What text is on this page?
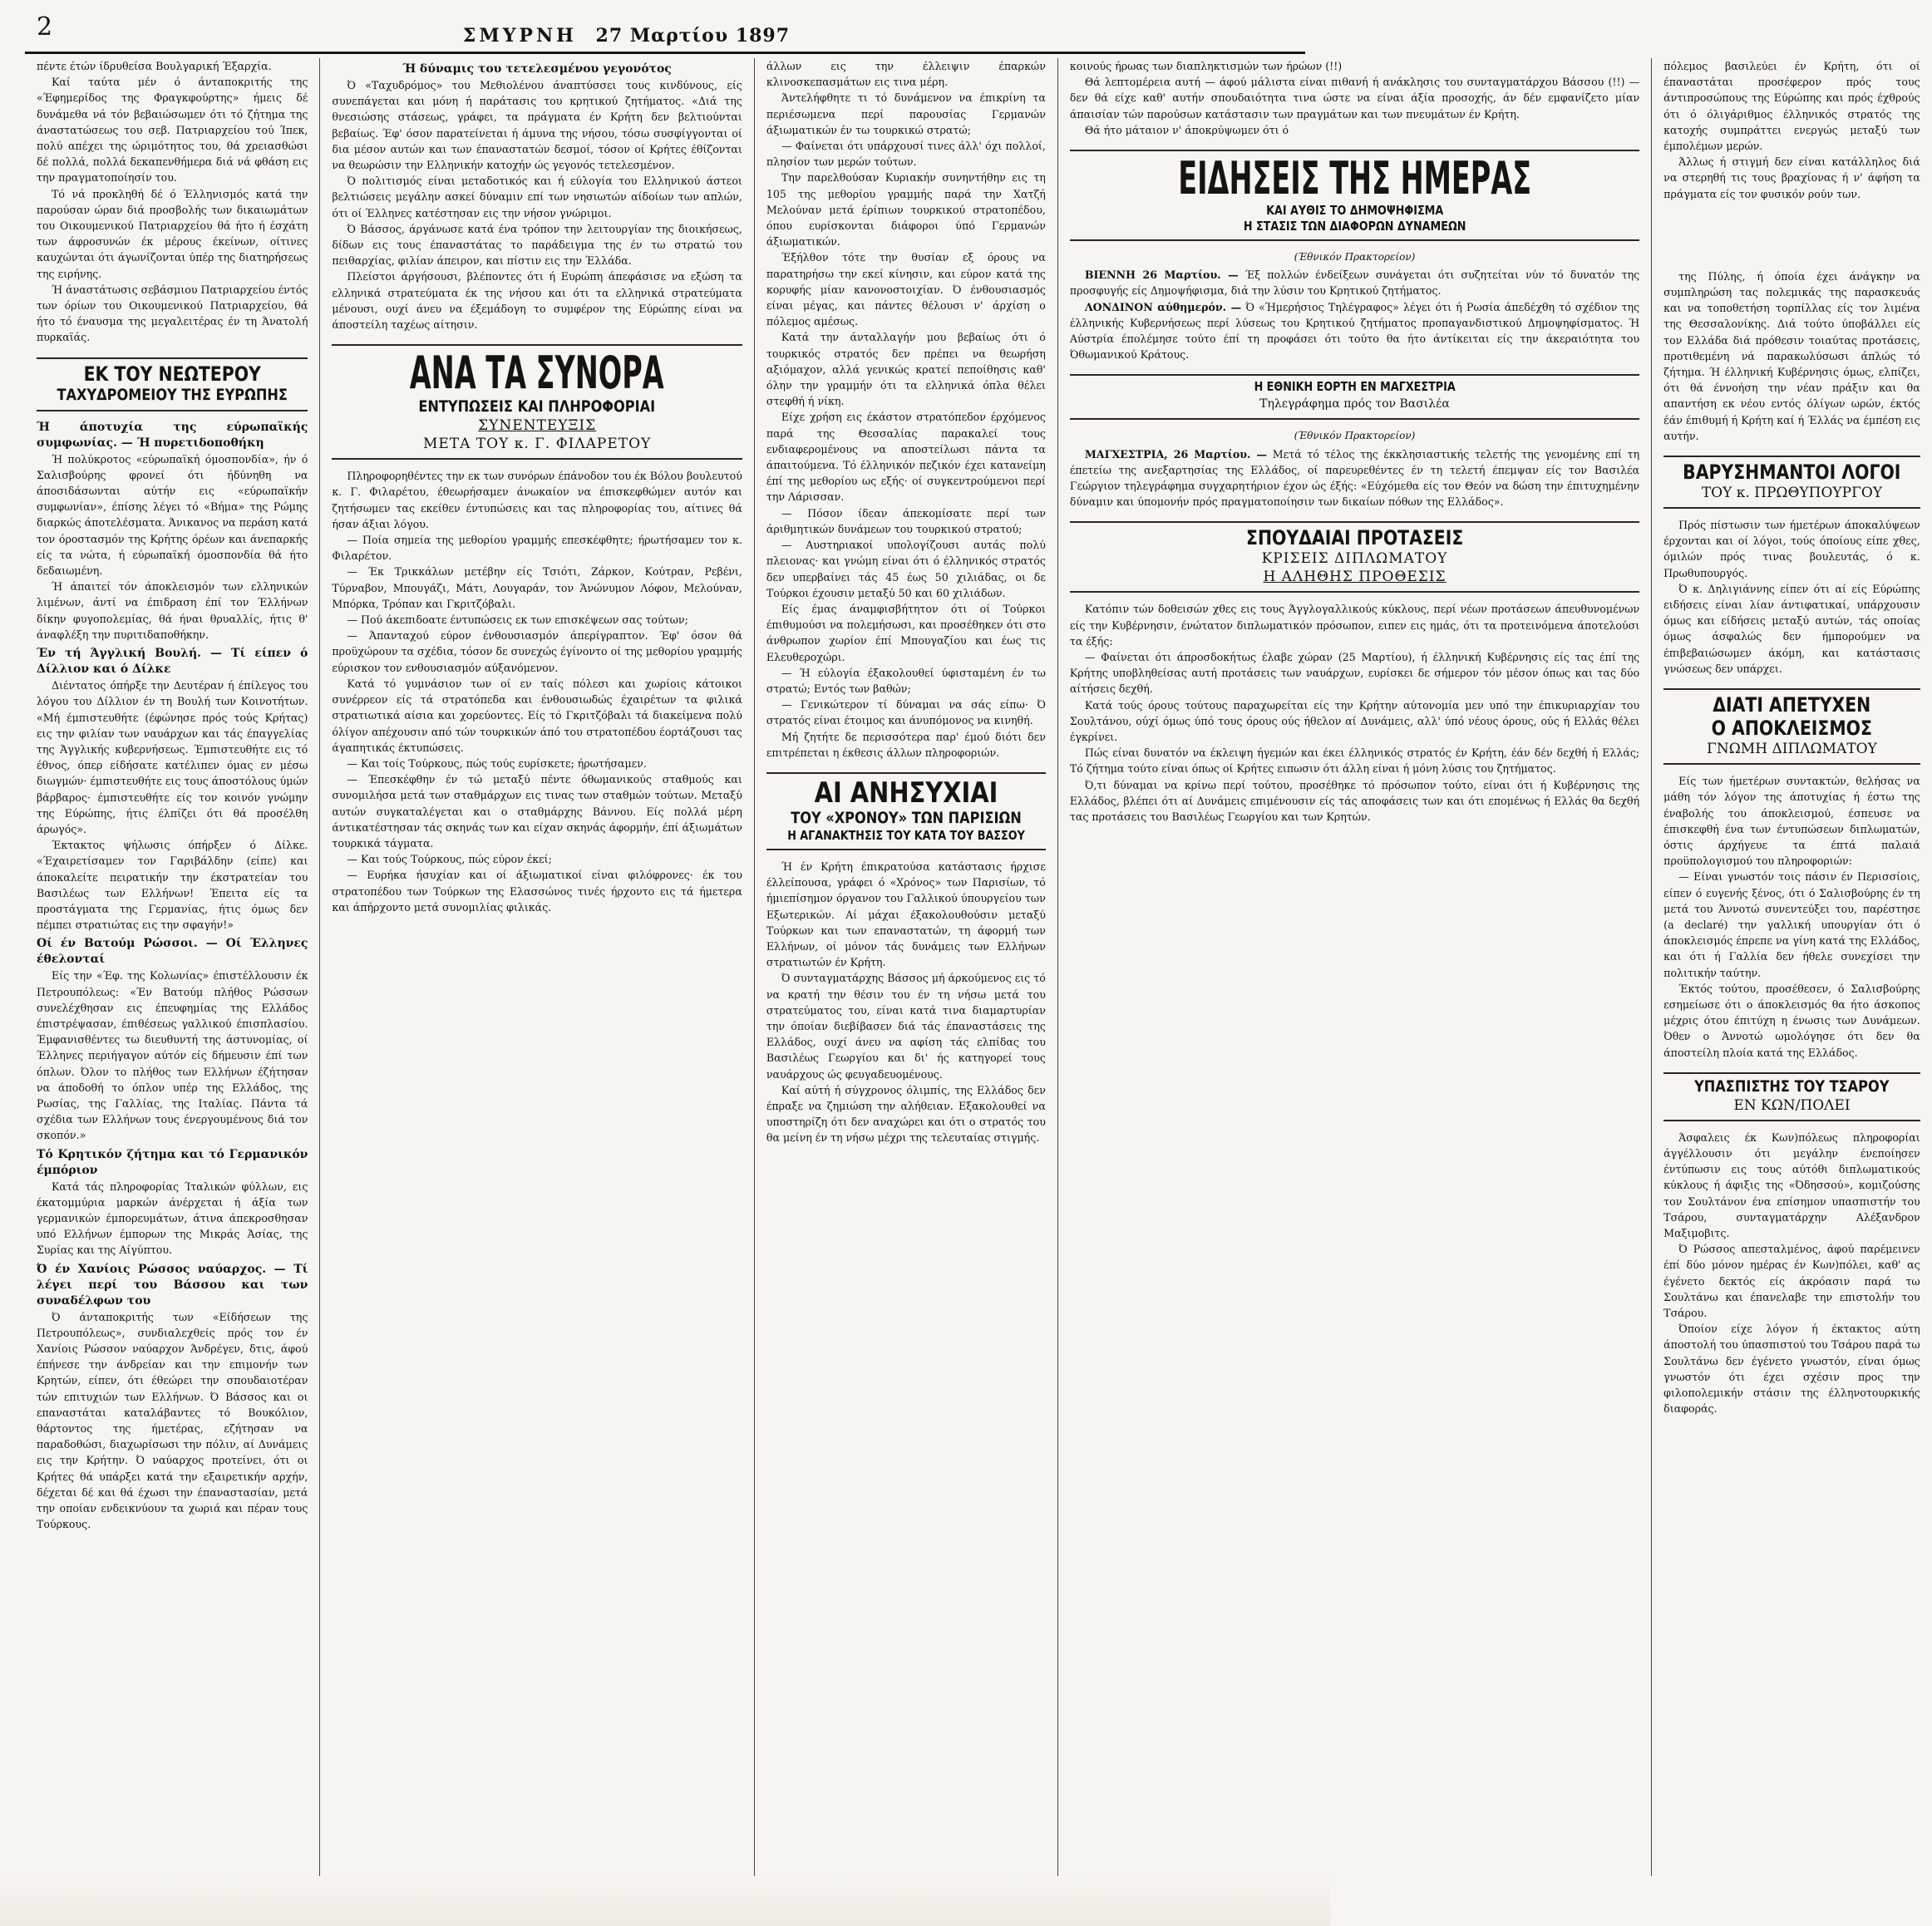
2	ΣΜΥΡΝΗ 27 Μαρτίου 1897

πέντε έτών ίδρυθείσα Βουλγαρική Έξαρχία.

Καί ταύτα μέν ό άνταποκριτής της «Έφημερίδος της Φραγκφούρτης» ήμεις δέ δυνάμεθα νά τόν βεβαιώσωμεν ότι τό ζήτημα της άναστατώσεως του σεβ. Πατριαρχείου τού Ίπεκ, πολύ απέχει της ώριμότητος του, θά χρειασθώσι δέ πολλά, πολλά δεκαπενθήμερα διά νά φθάση εις την πραγματοποίησίν του.

Τό νά προκληθή δέ ό Έλληνισμός κατά την παρούσαν ώραν διά προσβολής των δικαιωμάτων του Οικουμενικού Πατριαρχείου θά ήτο ή έσχάτη των άφροσυνών έκ μέρους έκείνων, οίτινες καυχώνται ότι άγωνίζονται ύπέρ της διατηρήσεως της ειρήνης.

Ή άναστάτωσις σεβάσμιου Πατριαρχείου έντός των όρίων του Οικουμενικού Πατριαρχείου, θά ήτο τό έναυσμα της μεγαλειτέρας έν τη Άνατολή πυρκαϊάς.

ΕΚ ΤΟΥ ΝΕΩΤΕΡΟΥ
ΤΑΧΥΔΡΟΜΕΙΟΥ ΤΗΣ ΕΥΡΩΠΗΣ

Ή άποτυχία της εύρωπαϊκής συμφωνίας. — Ή πυρετιδοποθήκη

Ή πολύκροτος «εύρωπαϊκή όμοσπονδία», ήν ό Σαλισβούρης φρονεί ότι ήδύνηθη να άποσιδάσωνται αύτήν εις «εύρωπαϊκήν συμφωνίαν», έπίσης λέγει τό «Βήμα» της Ρώμης διαρκώς άποτελέσματα. Άνικανος να περάση κατά τον όροστασμόν της Κρήτης όρέων και άνεπαρκής είς τα νώτα, ή εύρωπαϊκή όμοσπονδία θά ήτο δεδαιωμένη.

Ή άπαιτεί τόν άποκλεισμόν των ελληνικών λιμένων, άντί να έπιδραση έπί τον Έλλήνων δίκην φυγοπολεμίας, θά ήναι θρυαλλίς, ήτις θ' άναφλέξη την πυριτιδαποθήκην.

Έν τή Άγγλική Βουλή. — Τί είπεν ό Δίλλιον και ό Δίλκε

Διέντατος όπήρξε την Δευτέραν ή έπίλεγος του λόγου του Δίλλιον έν τη Βουλή των Κοινοτήτων. «Μή έμπιστευθήτε (έφώνησε πρός τούς Κρήτας) εις την φιλίαν των ναυάρχων και τάς έπαγγελίας της Άγγλικής κυβερνήσεως. Έμπιστευθήτε εις τό έθνος, όπερ είδήσατε κατέλιπεν όμας εν μέσω διωγμών· έμπιστευθήτε εις τους άποστόλους ύμών βάρβαρος· έμπιστευθήτε είς τον κοινόν γνώμην της Εύρώπης, ήτις έλπίζει ότι θά προσέλθη άρωγός».

Έκτακτος ψήλωσις όπήρξεν ό Δίλκε. «Έχαιρετίσαμεν τον Γαριβάλδην (είπε) και άποκαλείτε πειρατικήν την έκστρατείαν του Βασιλέως των Ελλήνων! Έπειτα είς τα προστάγματα της Γερμανίας, ήτις όμως δεν πέμπει στρατιώτας εις την σφαγήν!»

Οί έν Βατούμ Ρώσσοι. — Οί Έλληνες έθελονταί

Είς την «Έφ. της Κολωνίας» έπιστέλλουσιν έκ Πετρουπόλεως: «Έν Βατούμ πλήθος Ρώσσων συνελέχθησαν εις έπευφημίας της Ελλάδος έπιστρέψασαν, έπιθέσεως γαλλικού έπισπλασίου. Έμφανισθέντες τω διευθυντή της άστυνομίας, οί Έλληνες περιήγαγον αύτόν είς δήμευσιν έπί των όπλων. Όλον το πλήθος των Ελλήνων έζήτησαν να άποδοθή το όπλον υπέρ της Ελλάδος, της Ρωσίας, της Γαλλίας, της Ιταλίας. Πάντα τά σχέδια των Ελλήνων τους ένεργουμένους διά τον σκοπόν.»

Τό Κρητικόν ζήτημα και τό Γερμανικόν έμπόριον

Κατά τάς πληροφορίας Ίταλικών φύλλων, εις έκατομμύρια μαρκών άνέρχεται ή άξία των γερμανικών έμπορευμάτων, άτινα άπεκροσθησαν υπό Ελλήνων έμπορων της Μικράς Άσίας, της Συρίας και της Αίγύπτου.

Ό έν Χανίοις Ρώσσος ναύαρχος. — Τί λέγει περί του Βάσσου και των συναδέλφων του

Ό άνταποκριτής των «Είδήσεων της Πετρουπόλεως», συνδιαλεχθείς πρός τον έν Χανίοις Ρώσσον ναύαρχον Άνδρέγεν, δτις, άφού έπήνεσε την άνδρείαν και την επιμονήν των Κρητών, είπεν, ότι έθεώρει την σπουδαιοτέραν τών επιτυχιών των Ελλήνων. Ό Βάσσος και οι επαναστάται καταλάβαντες τό Βουκόλιον, θάρτοντος της ήμετέρας, εζήτησαν να παραδοθώσι, διαχωρίσωσι την πόλιν, αί Δυνάμεις εις την Κρήτην. Ό ναύαρχος προτείνει, ότι οι Κρήτες θά υπάρξει κατά την εξαιρετικήν αρχήν, δέχεται δέ και θά έχωσι την έπαναστασίαν, μετά την οποίαν ενδεικνύουν τα χωριά και πέραν τους Τούρκους.

Ή δύναμις του τετελεσμένου γεγονότος

Ό «Ταχυδρόμος» του Μεθιολένου άναπτύσσει τους κινδύνους, είς συνεπάγεται και μόνη ή παράτασις του κρητικού ζητήματος. «Διά της θνεσιώσης στάσεως, γράφει, τα πράγματα έν Κρήτη δεν βελτιούνται βεβαίως. Έφ' όσον παρατείνεται ή άμυνα της νήσου, τόσω συσφίγγονται οί δια μέσον αυτών και των έπαναστατών δεσμοί, τόσον οί Κρήτες έθίζονται να θεωρώσιν την Ελληνικήν κατοχήν ώς γεγονός τετελεσμένον.

Ό πολιτισμός είναι μεταδοτικός και ή εύλογία του Ελληνικού άστεοι βελτιώσεις μεγάλην ασκεί δύναμιν επί των νησιωτών αίδοίων των απλών, ότι οί Έλληνες κατέστησαν εις την νήσον γνώριμοι.

Ό Βάσσος, άργάνωσε κατά ένα τρόπον την λειτουργίαν της διοικήσεως, δίδων εις τους έπαναστάτας το παράδειγμα της έν τω στρατώ του πειθαρχίας, φιλίαν άπειρον, και πίστιν εις την Έλλάδα.

Πλείστοι άργήσουσι, βλέποντες ότι ή Ευρώπη άπεφάσισε να εξώση τα ελληνικά στρατεύματα έκ της νήσου και ότι τα ελληνικά στρατεύματα μένουσι, ουχί άνευ να έξεμάδογη το συμφέρον της Εύρώπης είναι να άποστείλη ταχέως αίτησιν.

ΑΝΑ ΤΑ ΣΥΝΟΡΑ
ΕΝΤΥΠΩΣΕΙΣ ΚΑΙ ΠΛΗΡΟΦΟΡΙΑΙ
ΣΥΝΕΝΤΕΥΞΙΣ
ΜΕΤΑ ΤΟΥ κ. Γ. ΦΙΛΑΡΕΤΟΥ

Πληροφορηθέντες την εκ των συνόρων έπάνοδον του έκ Βόλου βουλευτού κ. Γ. Φιλαρέτου, έθεωρήσαμεν άνωκαίον να έπισκεφθώμεν αυτόν και ζητήσωμεν τας εκείθεν έντυπώσεις και τας πληροφορίας του, αίτινες θά ήσαν άξιαι λόγου.

— Ποία σημεία της μεθορίου γραμμής επεσκέφθητε; ήρωτήσαμεν τον κ. Φιλαρέτον.

— Έκ Τρικκάλων μετέβην είς Τσιότι, Ζάρκον, Κούτραν, Ρεβένι, Τύρναβον, Μπουγάζι, Μάτι, Λουγαράν, τον Άνώνυμον Λόφον, Μελούναν, Μπόρκα, Τρόπαν και Γκριτζόβαλι.

— Πού άκεπιδοατε έντυπώσεις εκ των επισκέψεων σας τούτων;

— Άπανταχού εύρον ένθουσιασμόν άπερίγραπτον. Έφ' όσον θά προϋχώρουν τα σχέδια, τόσον δε συνεχώς έγίνοντο οί της μεθορίου γραμμής εύρισκον τον ενθουσιασμόν αύξανόμενον.

Κατά τό γυμνάσιον των οί εν ταίς πόλεσι και χωρίοις κάτοικοι συνέρρεον είς τά στρατόπεδα και ένθουσιωδώς έχαιρέτων τα φιλικά στρατιωτικά αίσια και χορεύοντες. Είς τό Γκριτζόβαλι τά διακείμενα πολύ όλίγον απέχουσιν από τών τουρκικών άπό του στρατοπέδου έορτάζουσι τας άγαπητικάς έκτυπώσεις.

— Και τοίς Τούρκους, πώς τούς ευρίσκετε; ήρωτήσαμεν.

— Έπεσκέφθην έν τώ μεταξύ πέντε όθωμανικούς σταθμούς και συνομιλήσα μετά των σταθμάρχων εις τινας των σταθμών τούτων. Μεταξύ αυτών συγκαταλέγεται και ο σταθμάρχης Βάννου. Είς πολλά μέρη άντικατέστησαν τάς σκηνάς των και είχαν σκηνάς άφορμήν, έπί άξιωμάτων τουρκικά τάγματα.

— Και τούς Τούρκους, πώς εύρον έκεί;

— Ευρήκα ήσυχίαν και οί άξιωματικοί είναι φιλόφρονες· έκ του στρατοπέδου των Τούρκων της Ελασσώνος τινές ήρχοντο εις τά ήμετερα και άπήρχοντο μετά συνομιλίας φιλικάς.

άλλων εις την έλλειψιν έπαρκών κλινοσκεπασμάτων εις τινα μέρη.

Άντελήφθητε τι τό δυνάμενον να έπικρίνη τα περιέσωμενα περί παρουσίας Γερμανών άξιωματικών έν τω τουρκικώ στρατώ;

— Φαίνεται ότι υπάρχουσί τινες άλλ' όχι πολλοί, πλησίον των μερών τούτων.

Την παρελθούσαν Κυριακήν συνηντήθην εις τη 105 της μεθορίου γραμμής παρά την Χατζή Μελούναν μετά έρίπιων τουρκικού στρατοπέδου, όπου ευρίσκονται διάφοροι ύπό Γερμανών άξιωματικών.

Έξήλθον τότε την θυσίαν εξ όρους να παρατηρήσω την εκεί κίνησιν, και εύρον κατά της κορυφής μίαν κανονοστοιχίαν. Ό ένθουσιασμός είναι μέγας, και πάντες θέλουσι ν' άρχίση ο πόλεμος αμέσως.

Κατά την άνταλλαγήν μου βεβαίως ότι ό τουρκικός στρατός δεν πρέπει να θεωρήση αξιόμαχον, αλλά γενικώς κρατεί πεποίθησις καθ' όλην την γραμμήν ότι τα ελληνικά όπλα θέλει στεφθή ή νίκη.

Είχε χρήση εις έκάστον στρατόπεδον έρχόμενος παρά της Θεσσαλίας παρακαλεί τους ενδιαφερομένους να αποστείλωσι πάντα τα άπαιτούμενα. Τό έλληνικόν πεζικόν έχει κατανείμη έπί της μεθορίου ως εξής· οί συγκεντρούμενοι περί την Λάρισσαν.

— Πόσον ίδεαν άπεκομίσατε περί των άριθμητικών δυνάμεων του τουρκικού στρατού;

— Αυστηριακοί υπολογίζουσι αυτάς πολύ πλειονας· και γνώμη είναι ότι ό έλληνικός στρατός δεν υπερβαίνει τάς 45 έως 50 χιλιάδας, οι δε Τούρκοι έχουσιν μεταξύ 50 και 60 χιλιάδων.

Είς έμας άναμφισβήτητον ότι οί Τούρκοι έπιθυμούσι να πολεμήσωσι, και προσέθηκεν ότι στο άνθρωπον χωρίον έπί Μπουγαζίου και έως τις Ελευθεροχώρι.

— Ή εύλογία έξακολουθεί ύφισταμένη έν τω στρατώ; Εντός των βαθών;

— Γενικώτερον τί δύναμαι να σάς είπω· Ό στρατός είναι έτοιμος και άνυπόμονος να κινηθή.

Μή ζητήτε δε περισσότερα παρ' έμού διότι δεν επιτρέπεται η έκθεσις άλλων πληροφοριών.

ΑΙ ΑΝΗΣΥΧΙΑΙ
ΤΟΥ «ΧΡΟΝΟΥ» ΤΩΝ ΠΑΡΙΣΙΩΝ
Η ΑΓΑΝΑΚΤΗΣΙΣ ΤΟΥ ΚΑΤΑ ΤΟΥ ΒΑΣΣΟΥ

Ή έν Κρήτη έπικρατούσα κατάστασις ήρχισε έλλείπουσα, γράφει ό «Χρόνος» των Παρισίων, τό ήμιεπίσημον όργανον του Γαλλικού ύπουργείου των Εξωτερικών. Αί μάχαι έξακολουθούσιν μεταξύ Τούρκων και των επαναστατών, τη άφορμή των Ελλήνων, οί μόνον τάς δυνάμεις των Ελλήνων στρατιωτών έν Κρήτη.

Ό συνταγματάρχης Βάσσος μή άρκούμενος εις τό να κρατή την θέσιν του έν τη νήσω μετά του στρατεύματος του, είναι κατά τινα διαμαρτυρίαν την όποίαν διεβίβασεν διά τάς έπαναστάσεις της Ελλάδος, ουχί άνευ να αφίση τάς ελπίδας του Βασιλέως Γεωργίου και δι' ής κατηγορεί τους ναυάρχους ώς φευγαδευομένους.

Καί αύτή ή σύγχρονος όλιμπίς, της Ελλάδος δεν έπραξε να ζημιώση την αλήθειαν. Εξακολουθεί να υποστηρίζη ότι δεν αναχώρει και ότι ο στρατός του θα μείνη έν τη νήσω μέχρι της τελευταίας στιγμής.

κοινούς ήρωας των διαπληκτισμών των ήρώων (!!)

Θά λεπτομέρεια αυτή — άφού μάλιστα είναι πιθανή ή ανάκλησις του συνταγματάρχου Βάσσου (!!) — δεν θά είχε καθ' αυτήν σπουδαιότητα τινα ώστε να είναι άξία προσοχής, άν δέν εμφανίζετο μίαν άπαισίαν τών παρούσων κατάστασιν των πραγμάτων και των πνευμάτων έν Κρήτη.

Θά ήτο μάταιον ν' άποκρύψωμεν ότι ό

ΕΙΔΗΣΕΙΣ ΤΗΣ ΗΜΕΡΑΣ
ΚΑΙ ΑΥΘΙΣ ΤΟ ΔΗΜΟΨΗΦΙΣΜΑ
Η ΣΤΑΣΙΣ ΤΩΝ ΔΙΑΦΟΡΩΝ ΔΥΝΑΜΕΩΝ

(Έθνικόν Πρακτορείον)

ΒΙΕΝΝΗ 26 Μαρτίου. — Έξ πολλών ένδείξεων συνάγεται ότι συζητείται νύν τό δυνατόν της προσφυγής είς Δημοψήφισμα, διά την λύσιν του Κρητικού ζητήματος.

ΛΟΝΔΙΝΟΝ αύθημερόν. — Ό «Ήμερήσιος Τηλέγραφος» λέγει ότι ή Ρωσία άπεδέχθη τό σχέδιον της έλληνικής Κυβερνήσεως περί λύσεως του Κρητικού ζητήματος προπαγανδιστικού Δημοψηφίσματος. Ή Αύστρία έπολέμησε τούτο έπί τη προφάσει ότι τούτο θα ήτο άντίκειται είς την άκεραιότητα του Όθωμανικού Κράτους.

Η ΕΘΝΙΚΗ ΕΟΡΤΗ ΕΝ ΜΑΓΧΕΣΤΡΙΑ
Τηλεγράφημα πρός τον Βασιλέα

(Έθνικόν Πρακτορείον)

ΜΑΓΧΕΣΤΡΙΑ, 26 Μαρτίου. — Μετά τό τέλος της έκκλησιαστικής τελετής της γενομένης επί τη έπετείω της ανεξαρτησίας της Ελλάδος, οί παρευρεθέντες έν τη τελετή έπεμψαν είς τον Βασιλέα Γεώργιον τηλεγράφημα συγχαρητήριον έχον ώς έξής: «Εύχόμεθα είς τον Θεόν να δώση την έπιτυχημένην δύναμιν και ύπομονήν πρός πραγματοποίησιν των δικαίων πόθων της Ελλάδος».

ΣΠΟΥΔΑΙΑΙ ΠΡΟΤΑΣΕΙΣ
ΚΡΙΣΕΙΣ ΔΙΠΛΩΜΑΤΟΥ
Η ΑΛΗΘΗΣ ΠΡΟΘΕΣΙΣ

Κατόπιν τών δοθεισών χθες εις τους Άγγλογαλλικούς κύκλους, περί νέων προτάσεων άπευθυνομένων είς την Κυβέρνησιν, ένώτατον διπλωματικόν πρόσωπον, ειπεν εις ημάς, ότι τα προτεινόμενα άποτελούσι τα έξής:

— Φαίνεται ότι άπροσδοκήτως έλαβε χώραν (25 Μαρτίου), ή έλληνική Κυβέρνησις είς τας έπί της Κρήτης υποβληθείσας αυτή προτάσεις των ναυάρχων, ευρίσκει δε σήμερον τόν μέσον όπως και τας δύο αίτήσεις δεχθή.

Κατά τούς όρους τούτους παραχωρείται είς την Κρήτην αύτονομία μεν υπό την έπικυριαρχίαν του Σουλτάνου, ούχί όμως ύπό τους όρους ούς ήθελον αί Δυνάμεις, αλλ' ύπό νέους όρους, ούς ή Ελλάς θέλει έγκρίνει.

Πώς είναι δυνατόν να έκλειψη ήγεμών και έκει έλληνικός στρατός έν Κρήτη, έάν δέν δεχθή ή Ελλάς; Τό ζήτημα τούτο είναι όπως οί Κρήτες ειπωσιν ότι άλλη είναι ή μόνη λύσις του ζητήματος.

Ό,τι δύναμαι να κρίνω περί τούτου, προσέθηκε τό πρόσωπον τούτο, είναι ότι ή Κυβέρνησις της Ελλάδος, βλέπει ότι αί Δυνάμεις επιμένουσιν είς τάς αποφάσεις των και ότι επομένως ή Ελλάς θα δεχθή τας προτάσεις του Βασιλέως Γεωργίου και των Κρητών.

πόλεμος βασιλεύει έν Κρήτη, ότι οί έπαναστάται προσέφερον πρός τους άντιπροσώπους της Εύρώπης και πρός έχθρούς ότι ό όλιγάριθμος έλληνικός στρατός της κατοχής συμπράττει ενεργώς μεταξύ των έμπολέμων μερών.

Άλλως ή στιγμή δεν είναι κατάλληλος διά να στερηθή τις τους βραχίονας ή ν' άφήση τα πράγματα είς τον φυσικόν ρούν των.

της Πύλης, ή όποία έχει άνάγκην να συμπληρώση τας πολεμικάς της παρασκευάς και να τοποθετήση τορπίλλας είς τον λιμένα της Θεσσαλονίκης. Διά τούτο ύποβάλλει είς τον Ελλάδα διά πρόθεσιν τοιαύτας προτάσεις, προτιθεμένη νά παρακωλύσωσι άπλώς τό ζήτημα. Ή έλληνική Κυβέρνησις όμως, ελπίζει, ότι θά έννοήση την νέαν πράξιν και θα απαντήση εκ νέου εντός όλίγων ωρών, έκτός έάν έπιθυμή ή Κρήτη καί ή Έλλάς να έμπέση εις αυτήν.

ΒΑΡΥΣΗΜΑΝΤΟΙ ΛΟΓΟΙ
ΤΟΥ κ. ΠΡΩΘΥΠΟΥΡΓΟΥ

Πρός πίστωσιν των ήμετέρων άποκαλύψεων έρχονται και οί λόγοι, τούς όποίους είπε χθες, όμιλών πρός τινας βουλευτάς, ό κ. Πρωθυπουργός.

Ό κ. Δηλιγιάννης είπεν ότι αί είς Εύρώπης ειδήσεις είναι λίαν άντιφατικαί, υπάρχουσιν όμως και είδήσεις μεταξύ αυτών, τάς οποίας όμως άσφαλώς δεν ήμπορούμεν να έπιβεβαιώσωμεν άκόμη, και κατάστασις γνώσεως δεν υπάρχει.

ΔΙΑΤΙ ΑΠΕΤΥΧΕΝ
Ο ΑΠΟΚΛΕΙΣΜΟΣ
ΓΝΩΜΗ ΔΙΠΛΩΜΑΤΟΥ

Είς των ήμετέρων συντακτών, θελήσας να μάθη τόν λόγον της άποτυχίας ή έστω της έναβολής του άποκλεισμού, έσπευσε να έπισκεφθή ένα των έντυπώσεων διπλωματών, όστις άρχήγευε τα έπτά παλαιά προϋπολογισμού του πληροφοριών:

— Είναι γνωστόν τοις πάσιν έν Περισσίοις, είπεν ό ευγενής ξένος, ότι ό Σαλισβούρης έν τη μετά του Άννοτώ συνεντεύξει του, παρέστησε (a declaré) την γαλλική υπουργίαν ότι ό άποκλεισμός έπρεπε να γίνη κατά της Ελλάδος, και ότι ή Γαλλία δεν ήθελε συνεχίσει την πολιτικήν ταύτην.

Έκτός τούτου, προσέθεσεν, ό Σαλισβούρης εσημείωσε ότι ο άποκλεισμός θα ήτο άσκοπος μέχρις ότου έπιτύχη η ένωσις των Δυνάμεων. Όθεν ο Άννοτώ ωμολόγησε ότι δεν θα άποστείλη πλοία κατά της Ελλάδος.

ΥΠΑΣΠΙΣΤΗΣ ΤΟΥ ΤΣΑΡΟΥ
ΕΝ ΚΩΝ/ΠΟΛΕΙ

Άσφαλεις έκ Κων)πόλεως πληροφορίαι άγγέλλουσιν ότι μεγάλην ένεποίησεν έντύπωσιν εις τους αύτόθι διπλωματικούς κύκλους ή άφιξις της «Όδησσού», κομιζούσης τον Σουλτάνον ένα επίσημον υπασπιστήν του Τσάρου, συνταγματάρχην Αλέξανδρον Μαξιμοβιτς.

Ό Ρώσσος απεσταλμένος, άφού παρέμεινεν έπί δύο μόνον ημέρας έν Κων)πόλει, καθ' ας έγένετο δεκτός είς άκρόασιν παρά τω Σουλτάνω και έπανελαβε την επιστολήν του Τσάρου.

Όποίον είχε λόγον ή έκτακτος αύτη άποστολή του ύπασπιστού του Τσάρου παρά τω Σουλτάνω δεν έγένετο γνωστόν, είναι όμως γνωστόν ότι έχει σχέσιν προς την φιλοπολεμικήν στάσιν της έλληνοτουρκικής διαφοράς.
